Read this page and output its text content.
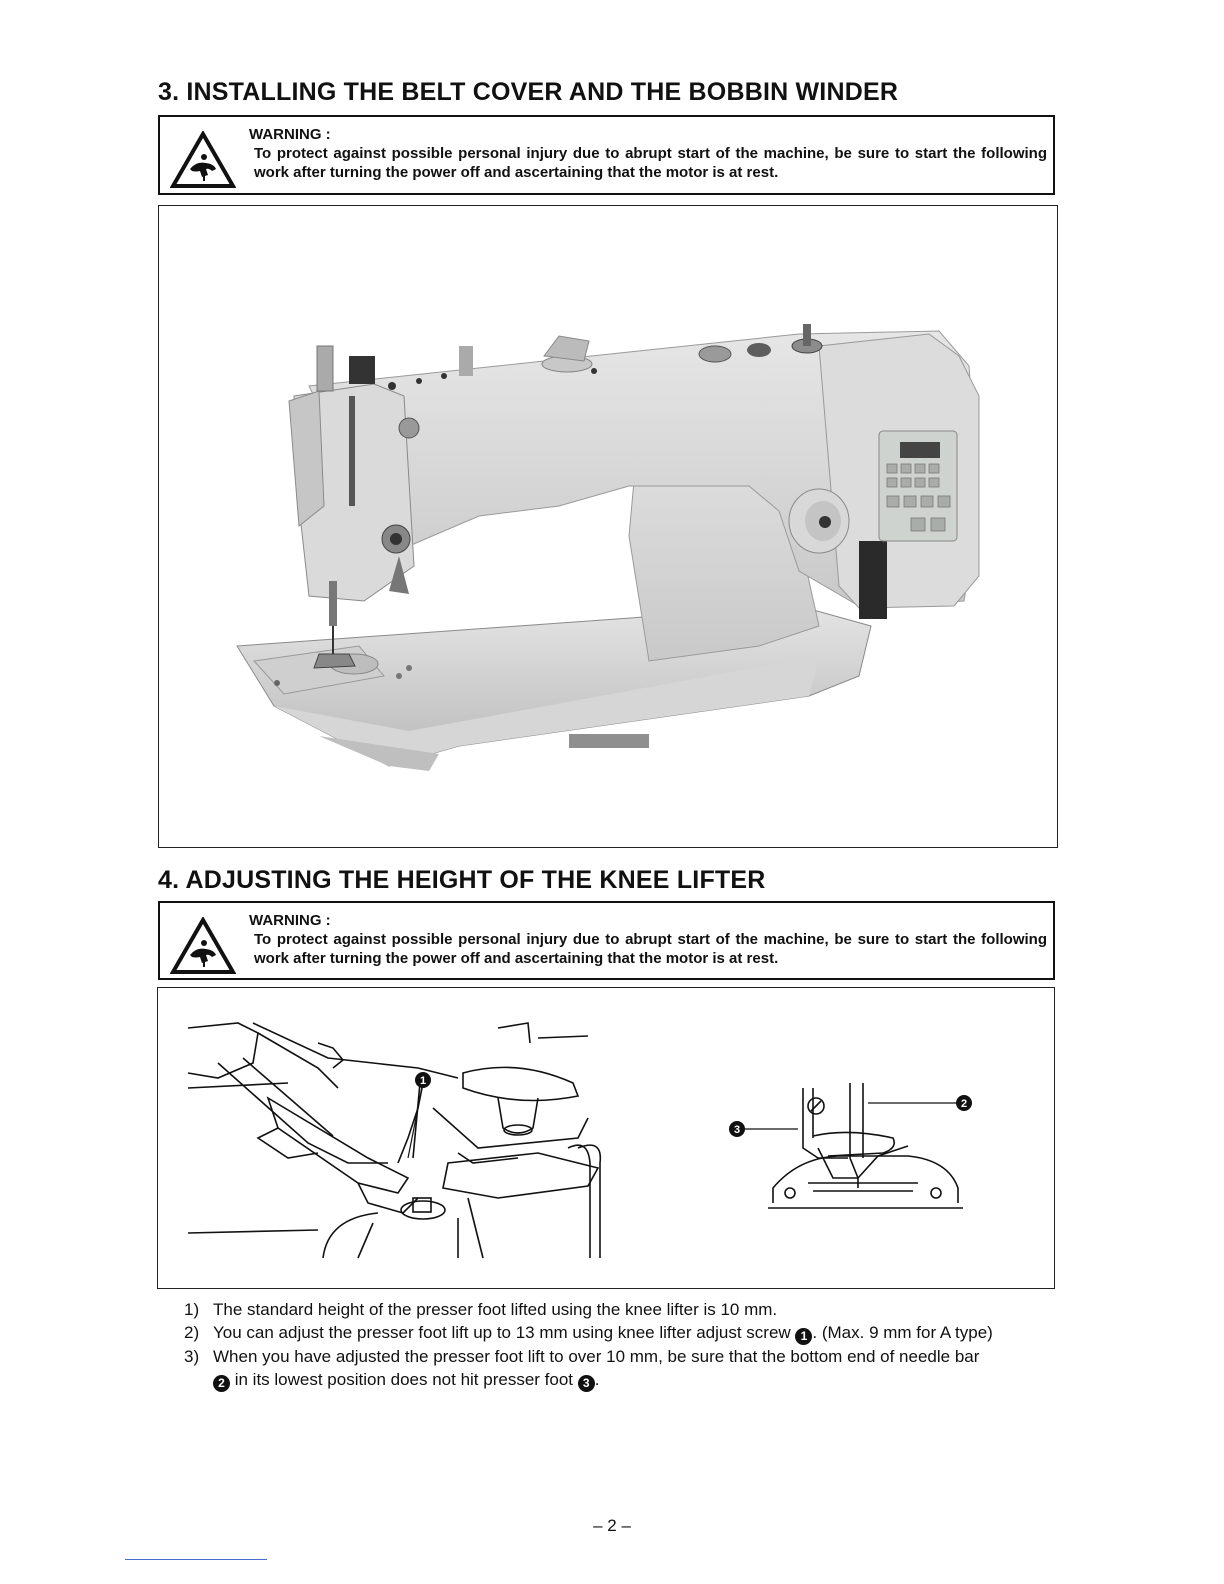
3. INSTALLING THE BELT COVER AND THE BOBBIN WINDER
WARNING :
To protect against possible personal injury due to abrupt start of the machine, be sure to start the following work after turning the power off and ascertaining that the motor is at rest.
4. ADJUSTING THE HEIGHT OF THE KNEE LIFTER
WARNING :
To protect against possible personal injury due to abrupt start of the machine, be sure to start the following work after turning the power off and ascertaining that the motor is at rest.
1
2
3
1) The standard height of the presser foot lifted using the knee lifter is 10 mm.
2) You can adjust the presser foot lift up to 13 mm using knee lifter adjust screw 1 . (Max. 9 mm for A type)
3) When you have adjusted the presser foot lift to over 10 mm, be sure that the bottom end of needle bar
2 in its lowest position does not hit presser foot 3 .
– 2 –
